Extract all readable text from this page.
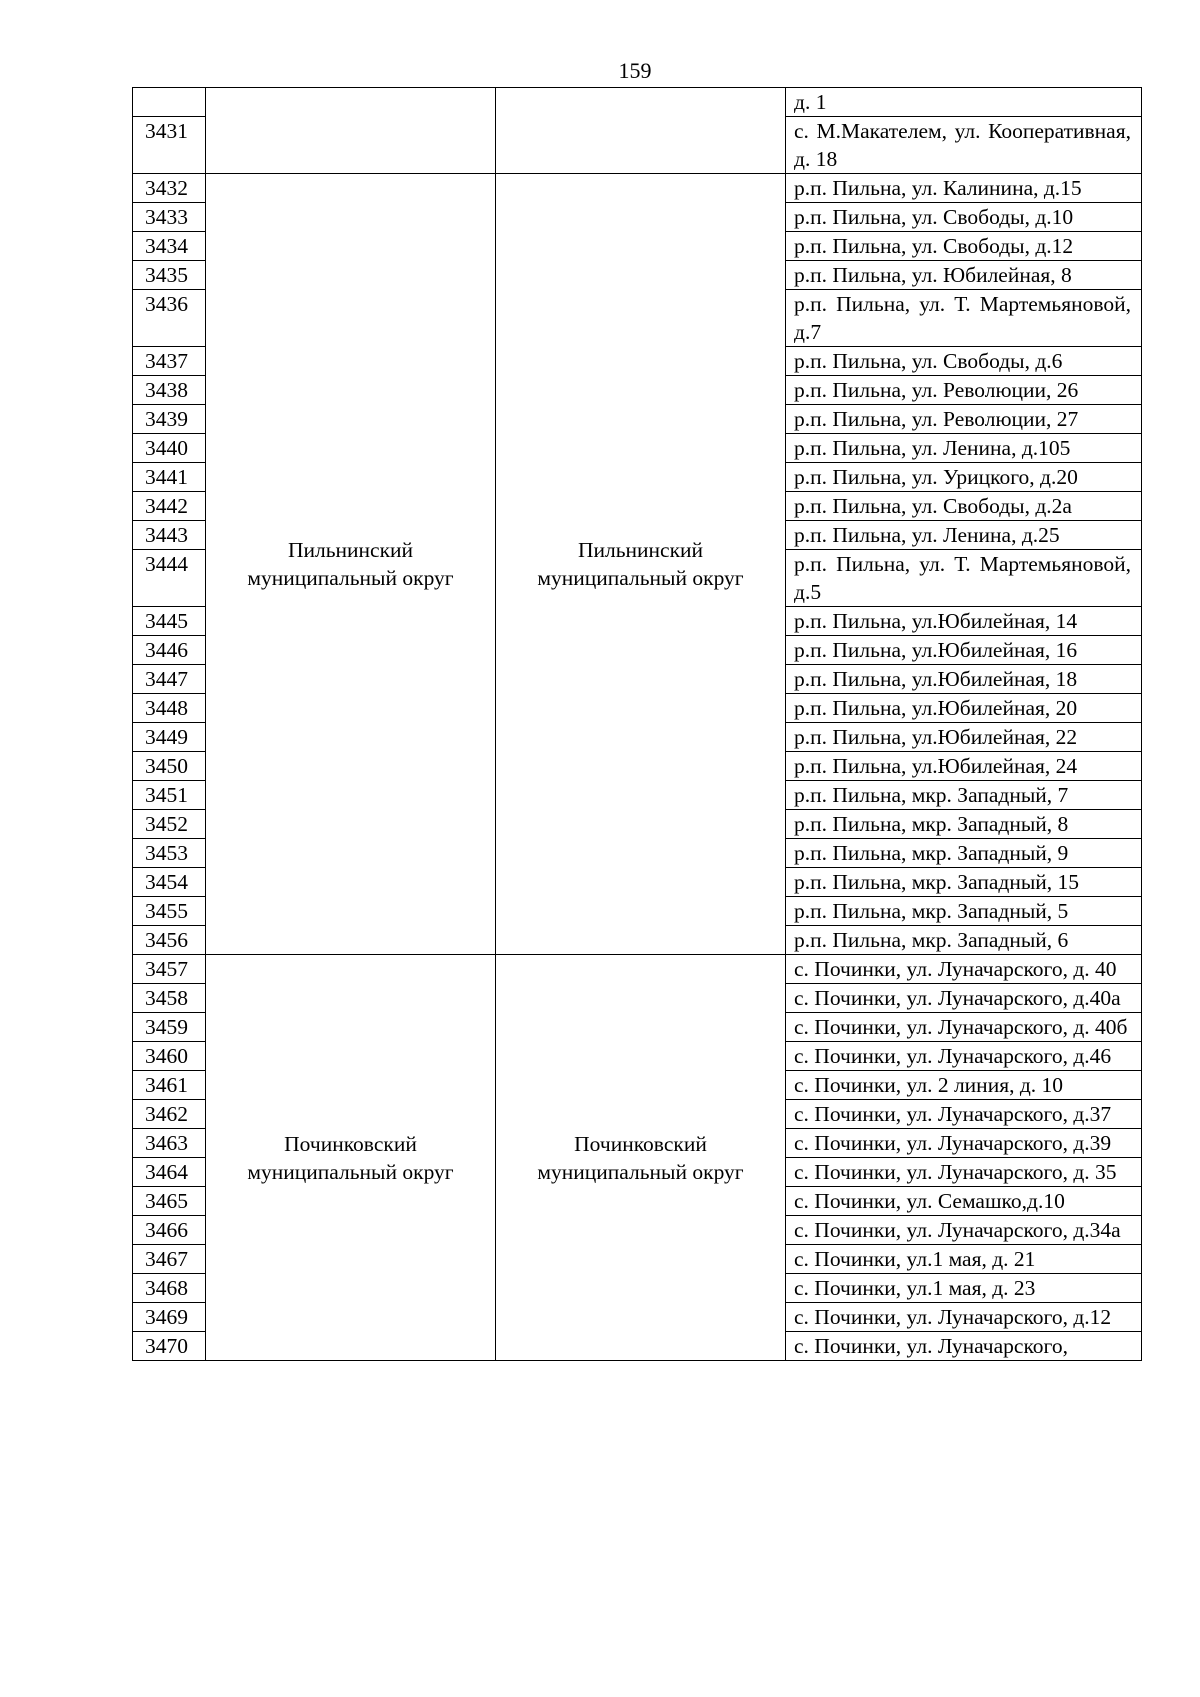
159
			д. 1
3431			с. М.Макателем, ул. Кооперативная, д. 18
3432	Пильнинский муниципальный округ	Пильнинский муниципальный округ	р.п. Пильна, ул. Калинина, д.15
3433			р.п. Пильна, ул. Свободы, д.10
3434			р.п. Пильна, ул. Свободы, д.12
3435			р.п. Пильна, ул. Юбилейная, 8
3436			р.п. Пильна, ул. Т. Мартемьяновой, д.7
3437			р.п. Пильна, ул. Свободы, д.6
3438			р.п. Пильна, ул. Революции, 26
3439			р.п. Пильна, ул. Революции, 27
3440			р.п. Пильна, ул. Ленина, д.105
3441			р.п. Пильна, ул. Урицкого, д.20
3442			р.п. Пильна, ул. Свободы, д.2а
3443			р.п. Пильна, ул. Ленина, д.25
3444			р.п. Пильна, ул. Т. Мартемьяновой, д.5
3445			р.п. Пильна, ул.Юбилейная, 14
3446			р.п. Пильна, ул.Юбилейная, 16
3447			р.п. Пильна, ул.Юбилейная, 18
3448			р.п. Пильна, ул.Юбилейная, 20
3449			р.п. Пильна, ул.Юбилейная, 22
3450			р.п. Пильна, ул.Юбилейная, 24
3451			р.п. Пильна, мкр. Западный, 7
3452			р.п. Пильна, мкр. Западный, 8
3453			р.п. Пильна, мкр. Западный, 9
3454			р.п. Пильна, мкр. Западный, 15
3455			р.п. Пильна, мкр. Западный, 5
3456			р.п. Пильна, мкр. Западный, 6
3457	Починковский муниципальный округ	Починковский муниципальный округ	с. Починки, ул. Луначарского, д. 40
3458			с. Починки, ул. Луначарского, д.40а
3459			с. Починки, ул. Луначарского, д. 40б
3460			с. Починки, ул. Луначарского, д.46
3461			с. Починки, ул. 2 линия, д. 10
3462			с. Починки, ул. Луначарского, д.37
3463			с. Починки, ул. Луначарского, д.39
3464			с. Починки, ул. Луначарского, д. 35
3465			с. Починки, ул. Семашко,д.10
3466			с. Починки, ул. Луначарского, д.34а
3467			с. Починки, ул.1 мая, д. 21
3468			с. Починки, ул.1 мая, д. 23
3469			с. Починки, ул. Луначарского, д.12
3470			с. Починки, ул. Луначарского,
